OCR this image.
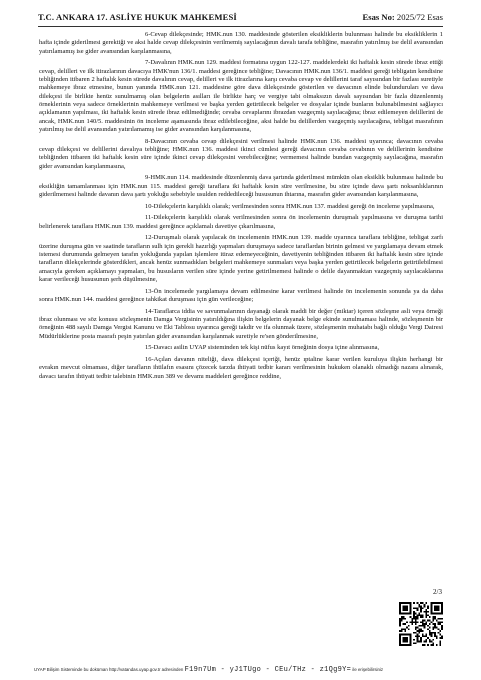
T.C. ANKARA 17. ASLİYE HUKUK MAHKEMESİ	Esas No: 2025/72 Esas

6-Cevap dilekçesinde; HMK.nun 130. maddesinde gösterilen eksikliklerin bulunması halinde bu eksikliklerin 1 hafta içinde giderilmesi gerektiği ve aksi halde cevap dilekçesinin verilmemiş sayılacağının davalı tarafa tebliğine, masrafın yatırılmış ise delil avansından yatırılamamış ise gider avansından karşılanmasına,

7-Davalının HMK.nun 129. maddesi formatına uygun 122-127. maddelerdeki iki haftalık kesin sürede ibraz ettiği cevap, delilleri ve ilk itirazlarının davacıya HMK'nun 136/1. maddesi gereğince tebliğine; Davacının HMK.nun 136/1. maddesi gereği tebligatın kendisine tebliğinden itibaren 2 haftalık kesin sürede davalının cevap, delilleri ve ilk itirazlarına karşı cevaba cevap ve delillerini taraf sayısından bir fazlası suretiyle mahkemeye ibraz etmesine, bunun yanında HMK.nun 121. maddesine göre dava dilekçesinde gösterilen ve davacının elinde bulunduruları ve dava dilekçesi ile birlikte henüz sunulmamış olan belgelerin asılları ile birlikte harç ve vergiye tabi olmaksızın davalı sayısından bir fazla düzenlenmiş örneklerinin veya sadece örneklerinin mahkemeye verilmesi ve başka yerden getirtilecek belgeler ve dosyalar içinde bunların bulunabilmesini sağlayıcı açıklamanın yapılması, iki haftalık kesin sürede ibraz edilmediğinde; cevaba cevaplarını ibrazdan vazgeçmiş sayılacağına; ibraz edilemeyen delillerini de ancak, HMK.nun 140/5. maddesinin ön inceleme aşamasında ibraz edilebileceğine, aksi halde bu delillerden vazgeçmiş sayılacağına, tebligat masrafının yatırılmış ise delil avansından yatırılamamış ise gider avansından karşılanmasına,

8-Davacının cevaba cevap dilekçesini verilmesi halinde HMK.nun 136. maddesi uyarınca; davacının cevaba cevap dilekçesi ve delillerini davalıya tebliğine; HMK.nun 136. maddesi ikinci cümlesi gereği davacının cevaba cevabının ve delillerinin kendisine tebliğinden itibaren iki haftalık kesin süre içinde ikinci cevap dilekçesini verebileceğine; vermemesi halinde bundan vazgeçmiş sayılacağına, masrafın gider avansından karşılanmasına,

9-HMK.nun 114. maddesinde düzenlenmiş dava şartında giderilmesi mümkün olan eksiklik bulunması halinde bu eksikliğin tamamlanması için HMK.nun 115. maddesi gereği taraflara iki haftalık kesin süre verilmesine, bu süre içinde dava şartı noksanlıklarının giderilmemesi halinde davanın dava şartı yokluğu sebebiyle usulden reddedileceği hususunun ihtarına, masrafın gider avansından karşılanmasına,

10-Dilekçelerin karşılıklı olarak; verilmesinden sonra HMK.nun 137. maddesi gereği ön inceleme yapılmasına,

11-Dilekçelerin karşılıklı olarak verilmesinden sonra ön incelemenin duruşmalı yapılmasına ve duruşma tarihi belirlenerek taraflara HMK.nun 139. maddesi gereğince açıklamalı davetiye çıkarılmasına,

12-Duruşmalı olarak yapılacak ön incelemenin HMK.nun 139. madde uyarınca taraflara tebliğine, tebligat zarfı üzerine duruşma gün ve saatinde tarafların sulh için gerekli hazırlığı yapmaları duruşmaya sadece taraflardan birinin gelmesi ve yargılamaya devam etmek istemesi durumunda gelmeyen tarafın yokluğunda yapılan işlemlere itiraz edemeyeceğinin, davetiyenin tebliğinden itibaren iki haftalık kesin süre içinde tarafların dilekçelerinde gösterdikleri, ancak henüz sunmadıkları belgeleri mahkemeye sunmaları veya başka yerden getirtilecek belgelerin getirtilebilmesi amacıyla gereken açıklamayı yapmaları, bu hususların verilen süre içinde yerine getirilmemesi halinde o delile dayanmaktan vazgeçmiş sayılacaklarına karar verileceği hususunun şerh düşülmesine,

13-Ön incelemede yargılamaya devam edilmesine karar verilmesi halinde ön incelemenin sonunda ya da daha sonra HMK.nun 144. maddesi gereğince tahkikat duruşması için gün verileceğine;

14-Taraflarca iddia ve savunmalarının dayanağı olarak maddi bir değer (miktar) içeren sözleşme asli veya örneği ibraz olunması ve söz konusu sözleşmenin Damga Vergisinin yatırıldığına ilişkin belgelerin dayanak belge ekinde sunulmaması halinde, sözleşmenin bir örneğinin 488 sayılı Damga Vergisi Kanunu ve Eki Tablosu uyarınca gereği takdir ve ifa olunmak üzere, sözleşmenin muhatabı bağlı olduğu Vergi Dairesi Müdürlüklerine posta masrafı peşin yatırılan gider avansından karşılanmak suretiyle re'sen gönderilmesine,

15-Davacı asilin UYAP sisteminden tek kişi nüfus kayıt örneğinin dosya içine alınmasına,

16-Açılan davanın niteliği, dava dilekçesi içeriği, henüz ıptaline karar verilen kuruluya ilişkin herhangi bir evrakın mevcut olmaması, diğer tarafların ihtilafın esasını çözecek tarzda ihtiyati tedbir kararı verilmesinin hukuken olanaklı olmadığı nazara alınarak, davacı tarafın ihtiyati tedbir talebinin HMK.nun 389 ve devamı maddeleri gereğince reddine,

2/3
UYAP Bilişim Sisteminde bu doküman http://vatandas.uyap.gov.tr adresinden F19n7Um - yJ1TUgo - CEu/THz - z1Qg9Y= ile erişebilirsiniz
